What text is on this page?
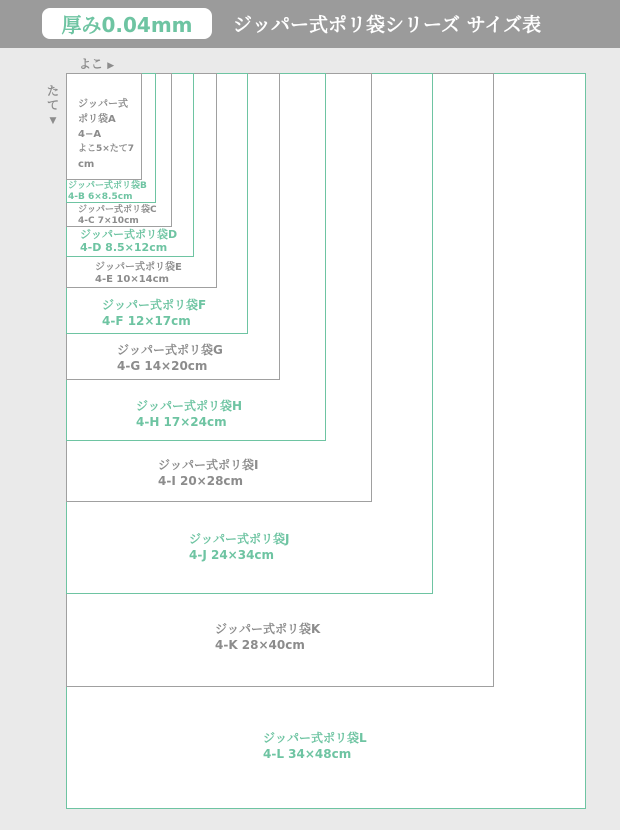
厚み0.04mm	ジッパー式ポリ袋シリーズ サイズ表
よこ ▶
たて
▼
ジッパー式
ポリ袋A
4−A
よこ5×たて7
cm
ジッパー式ポリ袋B
4-B 6×8.5cm
ジッパー式ポリ袋C
4-C 7×10cm
ジッパー式ポリ袋D
4-D 8.5×12cm
ジッパー式ポリ袋E
4-E 10×14cm
ジッパー式ポリ袋F
4-F 12×17cm
ジッパー式ポリ袋G
4-G 14×20cm
ジッパー式ポリ袋H
4-H 17×24cm
ジッパー式ポリ袋I
4-I 20×28cm
ジッパー式ポリ袋J
4-J 24×34cm
ジッパー式ポリ袋K
4-K 28×40cm
ジッパー式ポリ袋L
4-L 34×48cm
